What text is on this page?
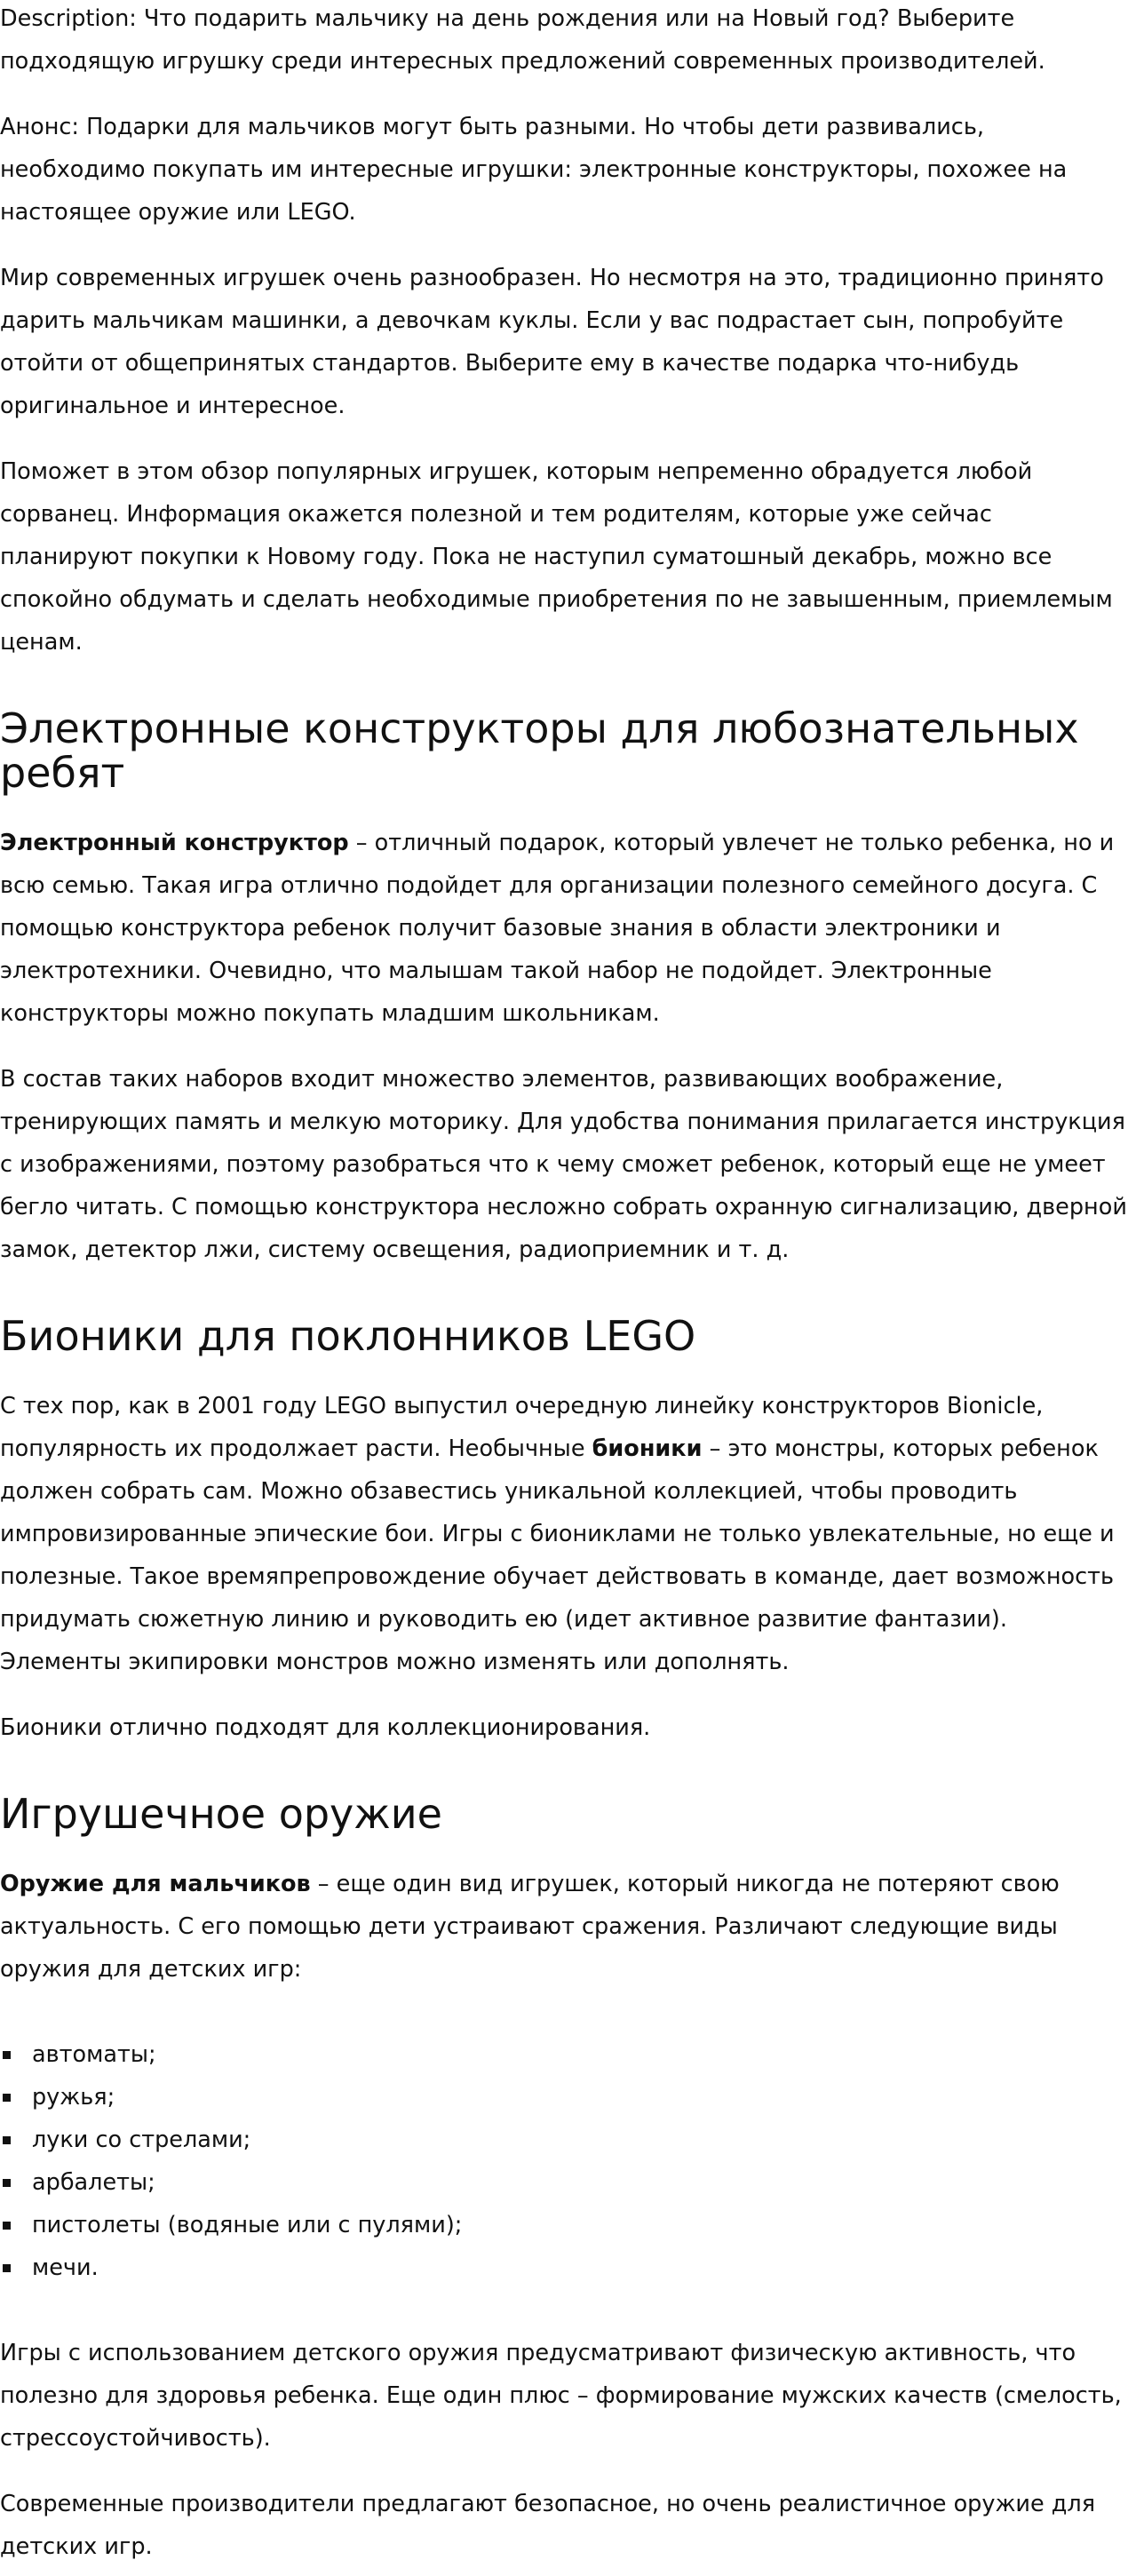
Description: Что подарить мальчику на день рождения или на Новый год? Выберите подходящую игрушку среди интересных предложений современных производителей.

Анонс: Подарки для мальчиков могут быть разными. Но чтобы дети развивались, необходимо покупать им интересные игрушки: электронные конструкторы, похожее на настоящее оружие или LEGO.

Мир современных игрушек очень разнообразен. Но несмотря на это, традиционно принято дарить мальчикам машинки, а девочкам куклы. Если у вас подрастает сын, попробуйте отойти от общепринятых стандартов. Выберите ему в качестве подарка что-нибудь оригинальное и интересное.

Поможет в этом обзор популярных игрушек, которым непременно обрадуется любой сорванец. Информация окажется полезной и тем родителям, которые уже сейчас планируют покупки к Новому году. Пока не наступил суматошный декабрь, можно все спокойно обдумать и сделать необходимые приобретения по не завышенным, приемлемым ценам.

Электронные конструкторы для любознательных ребят

Электронный конструктор – отличный подарок, который увлечет не только ребенка, но и всю семью. Такая игра отлично подойдет для организации полезного семейного досуга. С помощью конструктора ребенок получит базовые знания в области электроники и электротехники. Очевидно, что малышам такой набор не подойдет. Электронные конструкторы можно покупать младшим школьникам.

В состав таких наборов входит множество элементов, развивающих воображение, тренирующих память и мелкую моторику. Для удобства понимания прилагается инструкция с изображениями, поэтому разобраться что к чему сможет ребенок, который еще не умеет бегло читать. С помощью конструктора несложно собрать охранную сигнализацию, дверной замок, детектор лжи, систему освещения, радиоприемник и т. д.

Бионики для поклонников LEGO

С тех пор, как в 2001 году LEGO выпустил очередную линейку конструкторов Bionicle, популярность их продолжает расти. Необычные бионики – это монстры, которых ребенок должен собрать сам. Можно обзавестись уникальной коллекцией, чтобы проводить импровизированные эпические бои. Игры с биониклами не только увлекательные, но еще и полезные. Такое времяпрепровождение обучает действовать в команде, дает возможность придумать сюжетную линию и руководить ею (идет активное развитие фантазии). Элементы экипировки монстров можно изменять или дополнять.

Бионики отлично подходят для коллекционирования.

Игрушечное оружие

Оружие для мальчиков – еще один вид игрушек, который никогда не потеряют свою актуальность. С его помощью дети устраивают сражения. Различают следующие виды оружия для детских игр:

автоматы;
ружья;
луки со стрелами;
арбалеты;
пистолеты (водяные или с пулями);
мечи.

Игры с использованием детского оружия предусматривают физическую активность, что полезно для здоровья ребенка. Еще один плюс – формирование мужских качеств (смелость, стрессоустойчивость).

Современные производители предлагают безопасное, но очень реалистичное оружие для детских игр.
